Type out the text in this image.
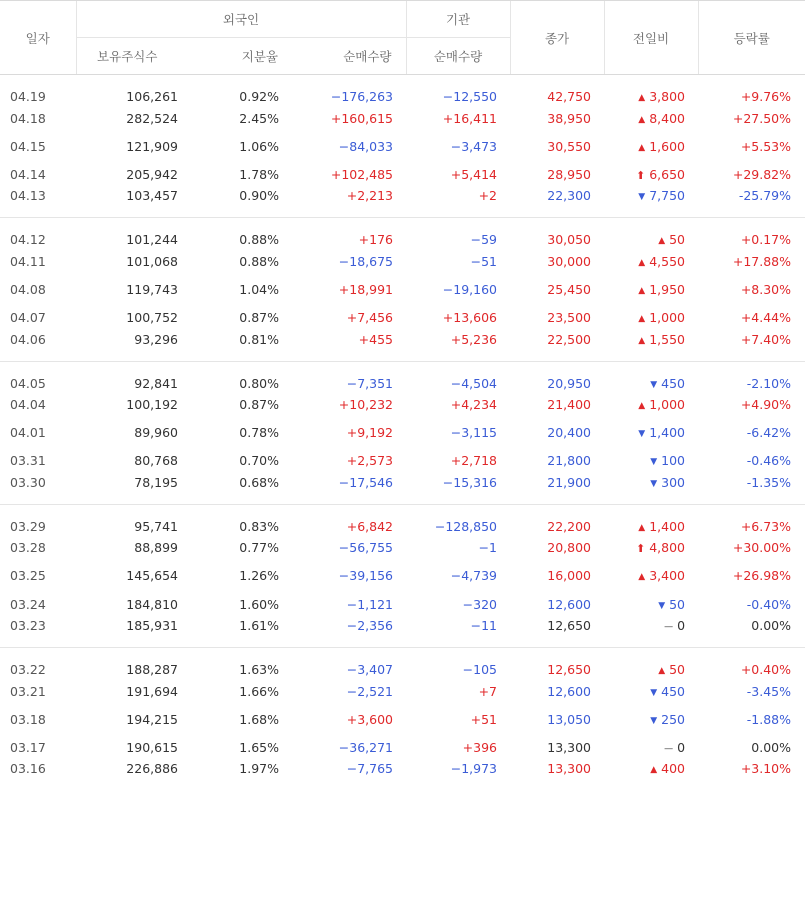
일자	외국인			기관	종가	전일비	등락률
	보유주식수	지분율	순매수량	순매수량			
04.19	106,261	0.92%	−176,263	−12,550	42,750	▲ 3,800	+9.76%
04.18	282,524	2.45%	+160,615	+16,411	38,950	▲ 8,400	+27.50%
04.15	121,909	1.06%	−84,033	−3,473	30,550	▲ 1,600	+5.53%
04.14	205,942	1.78%	+102,485	+5,414	28,950	⬆ 6,650	+29.82%
04.13	103,457	0.90%	+2,213	+2	22,300	▼ 7,750	-25.79%
04.12	101,244	0.88%	+176	−59	30,050	▲ 50	+0.17%
04.11	101,068	0.88%	−18,675	−51	30,000	▲ 4,550	+17.88%
04.08	119,743	1.04%	+18,991	−19,160	25,450	▲ 1,950	+8.30%
04.07	100,752	0.87%	+7,456	+13,606	23,500	▲ 1,000	+4.44%
04.06	93,296	0.81%	+455	+5,236	22,500	▲ 1,550	+7.40%
04.05	92,841	0.80%	−7,351	−4,504	20,950	▼ 450	-2.10%
04.04	100,192	0.87%	+10,232	+4,234	21,400	▲ 1,000	+4.90%
04.01	89,960	0.78%	+9,192	−3,115	20,400	▼ 1,400	-6.42%
03.31	80,768	0.70%	+2,573	+2,718	21,800	▼ 100	-0.46%
03.30	78,195	0.68%	−17,546	−15,316	21,900	▼ 300	-1.35%
03.29	95,741	0.83%	+6,842	−128,850	22,200	▲ 1,400	+6.73%
03.28	88,899	0.77%	−56,755	−1	20,800	⬆ 4,800	+30.00%
03.25	145,654	1.26%	−39,156	−4,739	16,000	▲ 3,400	+26.98%
03.24	184,810	1.60%	−1,121	−320	12,600	▼ 50	-0.40%
03.23	185,931	1.61%	−2,356	−11	12,650	— 0	0.00%
03.22	188,287	1.63%	−3,407	−105	12,650	▲ 50	+0.40%
03.21	191,694	1.66%	−2,521	+7	12,600	▼ 450	-3.45%
03.18	194,215	1.68%	+3,600	+51	13,050	▼ 250	-1.88%
03.17	190,615	1.65%	−36,271	+396	13,300	— 0	0.00%
03.16	226,886	1.97%	−7,765	−1,973	13,300	▲ 400	+3.10%
